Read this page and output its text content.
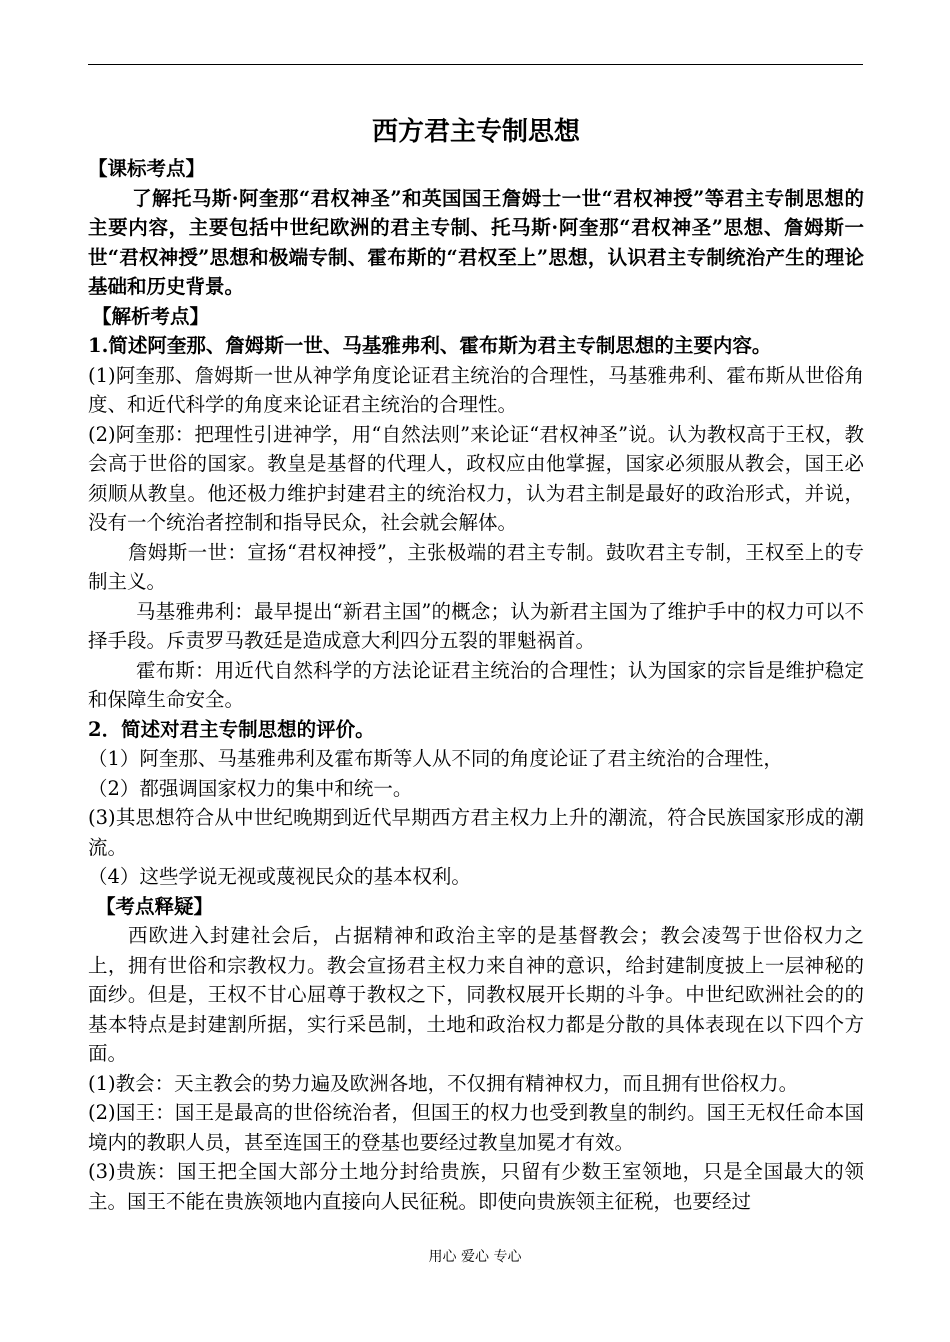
西方君主专制思想

【课标考点】

了解托马斯·阿奎那“君权神圣”和英国国王詹姆士一世“君权神授”等君主专制思想的主要内容，主要包括中世纪欧洲的君主专制、托马斯·阿奎那“君权神圣”思想、詹姆斯一世“君权神授”思想和极端专制、霍布斯的“君权至上”思想，认识君主专制统治产生的理论基础和历史背景。

【解析考点】

1.简述阿奎那、詹姆斯一世、马基雅弗利、霍布斯为君主专制思想的主要内容。

(1)阿奎那、詹姆斯一世从神学角度论证君主统治的合理性，马基雅弗利、霍布斯从世俗角度、和近代科学的角度来论证君主统治的合理性。

(2)阿奎那：把理性引进神学，用“自然法则”来论证“君权神圣”说。认为教权高于王权，教会高于世俗的国家。教皇是基督的代理人，政权应由他掌握，国家必须服从教会，国王必须顺从教皇。他还极力维护封建君主的统治权力，认为君主制是最好的政治形式，并说，没有一个统治者控制和指导民众，社会就会解体。

詹姆斯一世：宣扬“君权神授”，主张极端的君主专制。鼓吹君主专制，王权至上的专制主义。

马基雅弗利：最早提出“新君主国”的概念；认为新君主国为了维护手中的权力可以不择手段。斥责罗马教廷是造成意大利四分五裂的罪魁祸首。

霍布斯：用近代自然科学的方法论证君主统治的合理性；认为国家的宗旨是维护稳定和保障生命安全。

2．简述对君主专制思想的评价。

（1）阿奎那、马基雅弗利及霍布斯等人从不同的角度论证了君主统治的合理性，

（2）都强调国家权力的集中和统一。

(3)其思想符合从中世纪晚期到近代早期西方君主权力上升的潮流，符合民族国家形成的潮流。

（4）这些学说无视或蔑视民众的基本权利。

【考点释疑】

西欧进入封建社会后，占据精神和政治主宰的是基督教会；教会凌驾于世俗权力之上，拥有世俗和宗教权力。教会宣扬君主权力来自神的意识，给封建制度披上一层神秘的面纱。但是，王权不甘心屈尊于教权之下，同教权展开长期的斗争。中世纪欧洲社会的的基本特点是封建割所据，实行采邑制，土地和政治权力都是分散的具体表现在以下四个方面。

(1)教会：天主教会的势力遍及欧洲各地，不仅拥有精神权力，而且拥有世俗权力。

(2)国王：国王是最高的世俗统治者，但国王的权力也受到教皇的制约。国王无权任命本国境内的教职人员，甚至连国王的登基也要经过教皇加冕才有效。

(3)贵族：国王把全国大部分土地分封给贵族，只留有少数王室领地，只是全国最大的领主。国王不能在贵族领地内直接向人民征税。即使向贵族领主征税，也要经过

用心 爱心 专心
